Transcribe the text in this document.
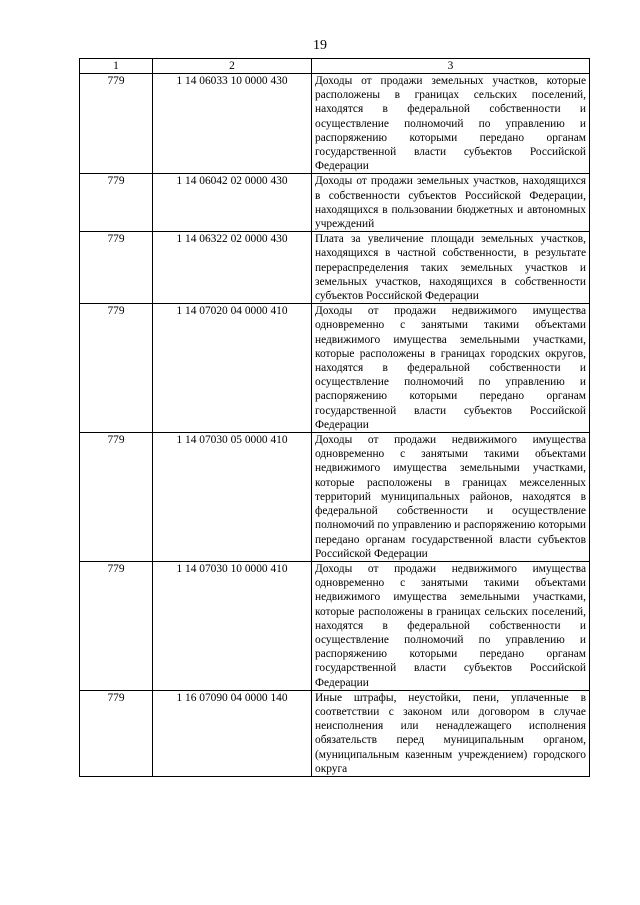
19
1	2	3
779	1 14 06033 10 0000 430	Доходы от продажи земельных участков, которые расположены в границах сельских поселений, находятся в федеральной собственности и осуществление полномочий по управлению и распоряжению которыми передано органам государственной власти субъектов Российской Федерации
779	1 14 06042 02 0000 430	Доходы от продажи земельных участков, находящихся в собственности субъектов Российской Федерации, находящихся в пользовании бюджетных и автономных учреждений
779	1 14 06322 02 0000 430	Плата за увеличение площади земельных участков, находящихся в частной собственности, в результате перераспределения таких земельных участков и земельных участков, находящихся в собственности субъектов Российской Федерации
779	1 14 07020 04 0000 410	Доходы от продажи недвижимого имущества одновременно с занятыми такими объектами недвижимого имущества земельными участками, которые расположены в границах городских округов, находятся в федеральной собственности и осуществление полномочий по управлению и распоряжению которыми передано органам государственной власти субъектов Российской Федерации
779	1 14 07030 05 0000 410	Доходы от продажи недвижимого имущества одновременно с занятыми такими объектами недвижимого имущества земельными участками, которые расположены в границах межселенных территорий муниципальных районов, находятся в федеральной собственности и осуществление полномочий по управлению и распоряжению которыми передано органам государственной власти субъектов Российской Федерации
779	1 14 07030 10 0000 410	Доходы от продажи недвижимого имущества одновременно с занятыми такими объектами недвижимого имущества земельными участками, которые расположены в границах сельских поселений, находятся в федеральной собственности и осуществление полномочий по управлению и распоряжению которыми передано органам государственной власти субъектов Российской Федерации
779	1 16 07090 04 0000 140	Иные штрафы, неустойки, пени, уплаченные в соответствии с законом или договором в случае неисполнения или ненадлежащего исполнения обязательств перед муниципальным органом, (муниципальным казенным учреждением) городского округа
